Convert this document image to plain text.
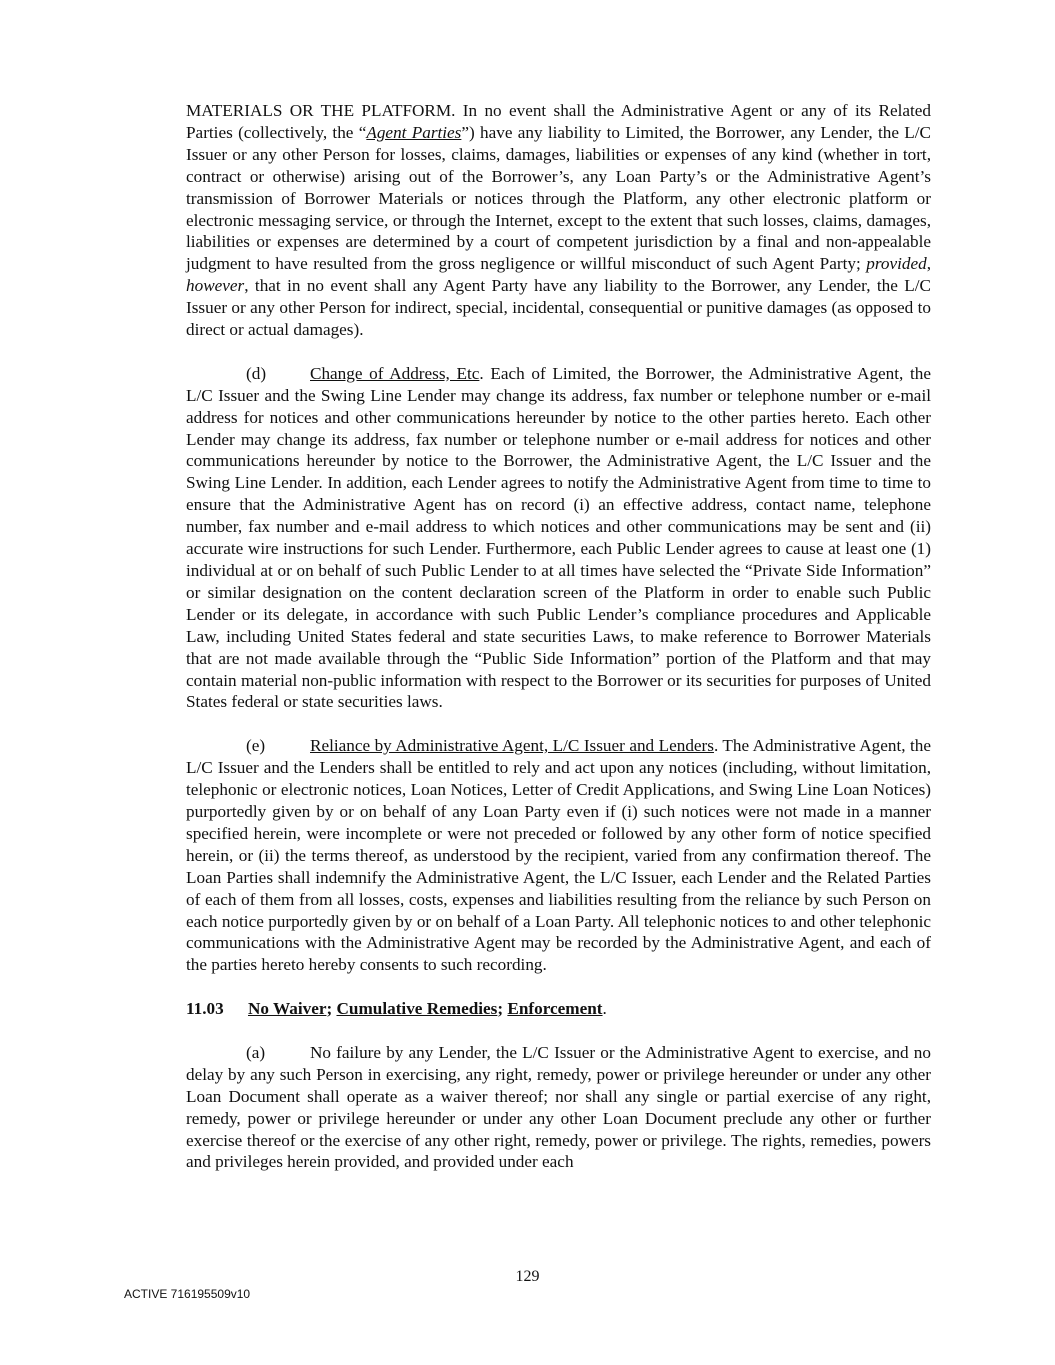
MATERIALS OR THE PLATFORM. In no event shall the Administrative Agent or any of its Related Parties (collectively, the “Agent Parties”) have any liability to Limited, the Borrower, any Lender, the L/C Issuer or any other Person for losses, claims, damages, liabilities or expenses of any kind (whether in tort, contract or otherwise) arising out of the Borrower’s, any Loan Party’s or the Administrative Agent’s transmission of Borrower Materials or notices through the Platform, any other electronic platform or electronic messaging service, or through the Internet, except to the extent that such losses, claims, damages, liabilities or expenses are determined by a court of competent jurisdiction by a final and non-appealable judgment to have resulted from the gross negligence or willful misconduct of such Agent Party; provided, however, that in no event shall any Agent Party have any liability to the Borrower, any Lender, the L/C Issuer or any other Person for indirect, special, incidental, consequential or punitive damages (as opposed to direct or actual damages).

(d)	Change of Address, Etc. Each of Limited, the Borrower, the Administrative Agent, the L/C Issuer and the Swing Line Lender may change its address, fax number or telephone number or e-mail address for notices and other communications hereunder by notice to the other parties hereto. Each other Lender may change its address, fax number or telephone number or e-mail address for notices and other communications hereunder by notice to the Borrower, the Administrative Agent, the L/C Issuer and the Swing Line Lender. In addition, each Lender agrees to notify the Administrative Agent from time to time to ensure that the Administrative Agent has on record (i) an effective address, contact name, telephone number, fax number and e-mail address to which notices and other communications may be sent and (ii) accurate wire instructions for such Lender. Furthermore, each Public Lender agrees to cause at least one (1) individual at or on behalf of such Public Lender to at all times have selected the “Private Side Information” or similar designation on the content declaration screen of the Platform in order to enable such Public Lender or its delegate, in accordance with such Public Lender’s compliance procedures and Applicable Law, including United States federal and state securities Laws, to make reference to Borrower Materials that are not made available through the “Public Side Information” portion of the Platform and that may contain material non-public information with respect to the Borrower or its securities for purposes of United States federal or state securities laws.

(e)	Reliance by Administrative Agent, L/C Issuer and Lenders. The Administrative Agent, the L/C Issuer and the Lenders shall be entitled to rely and act upon any notices (including, without limitation, telephonic or electronic notices, Loan Notices, Letter of Credit Applications, and Swing Line Loan Notices) purportedly given by or on behalf of any Loan Party even if (i) such notices were not made in a manner specified herein, were incomplete or were not preceded or followed by any other form of notice specified herein, or (ii) the terms thereof, as understood by the recipient, varied from any confirmation thereof. The Loan Parties shall indemnify the Administrative Agent, the L/C Issuer, each Lender and the Related Parties of each of them from all losses, costs, expenses and liabilities resulting from the reliance by such Person on each notice purportedly given by or on behalf of a Loan Party. All telephonic notices to and other telephonic communications with the Administrative Agent may be recorded by the Administrative Agent, and each of the parties hereto hereby consents to such recording.

11.03 No Waiver; Cumulative Remedies; Enforcement.

(a)	No failure by any Lender, the L/C Issuer or the Administrative Agent to exercise, and no delay by any such Person in exercising, any right, remedy, power or privilege hereunder or under any other Loan Document shall operate as a waiver thereof; nor shall any single or partial exercise of any right, remedy, power or privilege hereunder or under any other Loan Document preclude any other or further exercise thereof or the exercise of any other right, remedy, power or privilege. The rights, remedies, powers and privileges herein provided, and provided under each

129
ACTIVE 716195509v10
